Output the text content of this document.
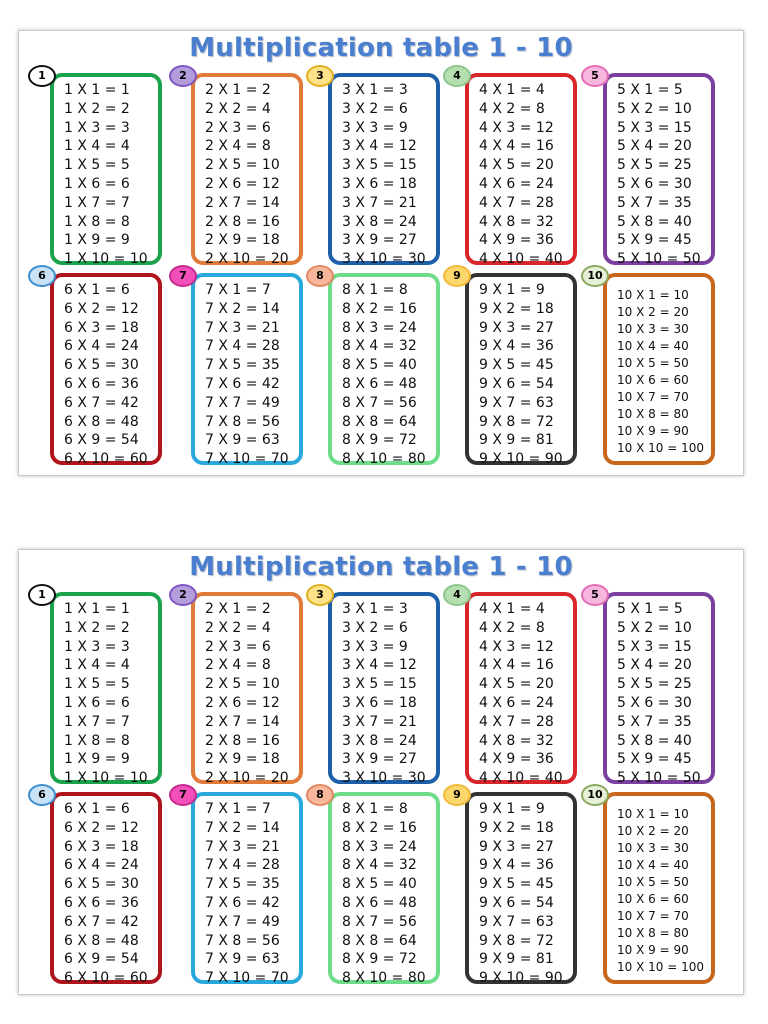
Multiplication table 1 - 10
1 X 1 = 1
1 X 2 = 2
1 X 3 = 3
1 X 4 = 4
1 X 5 = 5
1 X 6 = 6
1 X 7 = 7
1 X 8 = 8
1 X 9 = 9
1 X 10 = 10
1
2 X 1 = 2
2 X 2 = 4
2 X 3 = 6
2 X 4 = 8
2 X 5 = 10
2 X 6 = 12
2 X 7 = 14
2 X 8 = 16
2 X 9 = 18
2 X 10 = 20
2
3 X 1 = 3
3 X 2 = 6
3 X 3 = 9
3 X 4 = 12
3 X 5 = 15
3 X 6 = 18
3 X 7 = 21
3 X 8 = 24
3 X 9 = 27
3 X 10 = 30
3
4 X 1 = 4
4 X 2 = 8
4 X 3 = 12
4 X 4 = 16
4 X 5 = 20
4 X 6 = 24
4 X 7 = 28
4 X 8 = 32
4 X 9 = 36
4 X 10 = 40
4
5 X 1 = 5
5 X 2 = 10
5 X 3 = 15
5 X 4 = 20
5 X 5 = 25
5 X 6 = 30
5 X 7 = 35
5 X 8 = 40
5 X 9 = 45
5 X 10 = 50
5
6 X 1 = 6
6 X 2 = 12
6 X 3 = 18
6 X 4 = 24
6 X 5 = 30
6 X 6 = 36
6 X 7 = 42
6 X 8 = 48
6 X 9 = 54
6 X 10 = 60
6
7 X 1 = 7
7 X 2 = 14
7 X 3 = 21
7 X 4 = 28
7 X 5 = 35
7 X 6 = 42
7 X 7 = 49
7 X 8 = 56
7 X 9 = 63
7 X 10 = 70
7
8 X 1 = 8
8 X 2 = 16
8 X 3 = 24
8 X 4 = 32
8 X 5 = 40
8 X 6 = 48
8 X 7 = 56
8 X 8 = 64
8 X 9 = 72
8 X 10 = 80
8
9 X 1 = 9
9 X 2 = 18
9 X 3 = 27
9 X 4 = 36
9 X 5 = 45
9 X 6 = 54
9 X 7 = 63
9 X 8 = 72
9 X 9 = 81
9 X 10 = 90
9
10 X 1 = 10
10 X 2 = 20
10 X 3 = 30
10 X 4 = 40
10 X 5 = 50
10 X 6 = 60
10 X 7 = 70
10 X 8 = 80
10 X 9 = 90
10 X 10 = 100
10
Multiplication table 1 - 10
1 X 1 = 1
1 X 2 = 2
1 X 3 = 3
1 X 4 = 4
1 X 5 = 5
1 X 6 = 6
1 X 7 = 7
1 X 8 = 8
1 X 9 = 9
1 X 10 = 10
1
2 X 1 = 2
2 X 2 = 4
2 X 3 = 6
2 X 4 = 8
2 X 5 = 10
2 X 6 = 12
2 X 7 = 14
2 X 8 = 16
2 X 9 = 18
2 X 10 = 20
2
3 X 1 = 3
3 X 2 = 6
3 X 3 = 9
3 X 4 = 12
3 X 5 = 15
3 X 6 = 18
3 X 7 = 21
3 X 8 = 24
3 X 9 = 27
3 X 10 = 30
3
4 X 1 = 4
4 X 2 = 8
4 X 3 = 12
4 X 4 = 16
4 X 5 = 20
4 X 6 = 24
4 X 7 = 28
4 X 8 = 32
4 X 9 = 36
4 X 10 = 40
4
5 X 1 = 5
5 X 2 = 10
5 X 3 = 15
5 X 4 = 20
5 X 5 = 25
5 X 6 = 30
5 X 7 = 35
5 X 8 = 40
5 X 9 = 45
5 X 10 = 50
5
6 X 1 = 6
6 X 2 = 12
6 X 3 = 18
6 X 4 = 24
6 X 5 = 30
6 X 6 = 36
6 X 7 = 42
6 X 8 = 48
6 X 9 = 54
6 X 10 = 60
6
7 X 1 = 7
7 X 2 = 14
7 X 3 = 21
7 X 4 = 28
7 X 5 = 35
7 X 6 = 42
7 X 7 = 49
7 X 8 = 56
7 X 9 = 63
7 X 10 = 70
7
8 X 1 = 8
8 X 2 = 16
8 X 3 = 24
8 X 4 = 32
8 X 5 = 40
8 X 6 = 48
8 X 7 = 56
8 X 8 = 64
8 X 9 = 72
8 X 10 = 80
8
9 X 1 = 9
9 X 2 = 18
9 X 3 = 27
9 X 4 = 36
9 X 5 = 45
9 X 6 = 54
9 X 7 = 63
9 X 8 = 72
9 X 9 = 81
9 X 10 = 90
9
10 X 1 = 10
10 X 2 = 20
10 X 3 = 30
10 X 4 = 40
10 X 5 = 50
10 X 6 = 60
10 X 7 = 70
10 X 8 = 80
10 X 9 = 90
10 X 10 = 100
10
